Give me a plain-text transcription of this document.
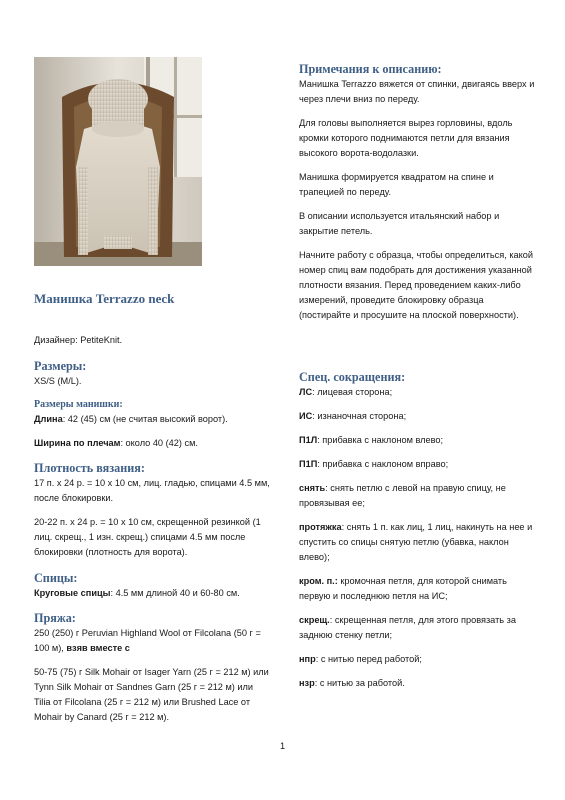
Манишка Terrazzo neck
Дизайнер: PetiteKnit.
Размеры:

XS/S (M/L).

Размеры манишки:

Длина: 42 (45) см (не считая высокий ворот).

Ширина по плечам: около 40 (42) см.

Плотность вязания:

17 п. х 24 р. = 10 х 10 см, лиц. гладью, спицами 4.5 мм, после блокировки.

20-22 п. х 24 р. = 10 х 10 см, скрещенной резинкой (1 лиц. скрещ., 1 изн. скрещ.) спицами 4.5 мм после блокировки (плотность для ворота).

Спицы:

Круговые спицы: 4.5 мм длиной 40 и 60-80 см.

Пряжа:

250 (250) г Peruvian Highland Wool от Filcolana (50 г = 100 м), взяв вместе с

50-75 (75) г Silk Mohair от Isager Yarn (25 г = 212 м) или Tynn Silk Mohair от Sandnes Garn (25 г = 212 м) или Tilia от Filcolana (25 г = 212 м) или Brushed Lace от Mohair by Canard (25 г = 212 м).

Примечания к описанию:

Манишка Terrazzo вяжется от спинки, двигаясь вверх и через плечи вниз по переду.

Для головы выполняется вырез горловины, вдоль кромки которого поднимаются петли для вязания высокого ворота-водолазки.

Манишка формируется квадратом на спине и трапецией по переду.

В описании используется итальянский набор и закрытие петель.

Начните работу с образца, чтобы определиться, какой номер спиц вам подобрать для достижения указанной плотности вязания. Перед проведением каких-либо измерений, проведите блокировку образца (постирайте и просушите на плоской поверхности).

Спец. сокращения:

ЛС: лицевая сторона;

ИС: изнаночная сторона;

П1Л: прибавка с наклоном влево;

П1П: прибавка с наклоном вправо;

снять: снять петлю с левой на правую спицу, не провязывая ее;

протяжка: снять 1 п. как лиц, 1 лиц, накинуть на нее и спустить со спицы снятую петлю (убавка, наклон влево);

кром. п.: кромочная петля, для которой снимать первую и последнюю петля на ИС;

скрещ.: скрещенная петля, для этого провязать за заднюю стенку петли;

нпр: с нитью перед работой;

нзр: с нитью за работой.

1
